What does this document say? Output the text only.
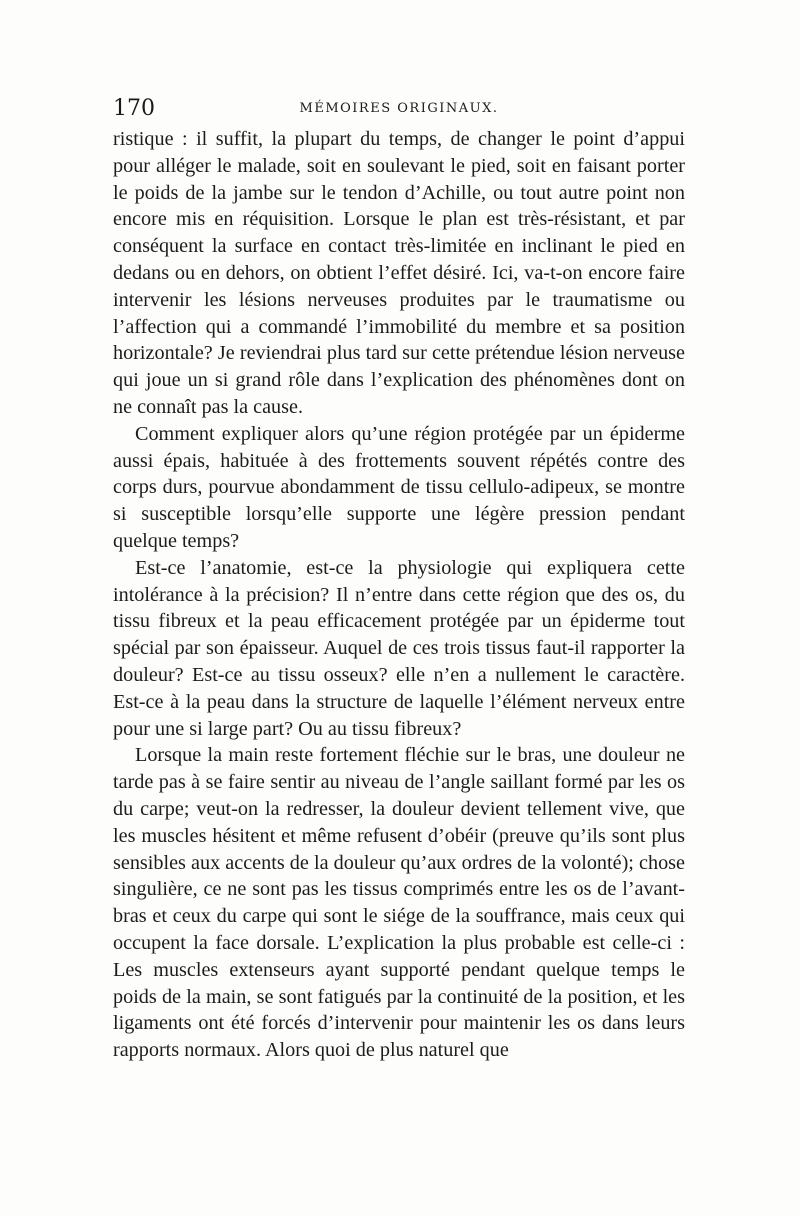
170	MÉMOIRES ORIGINAUX.

ristique : il suffit, la plupart du temps, de changer le point d’appui pour alléger le malade, soit en soulevant le pied, soit en faisant porter le poids de la jambe sur le tendon d’Achille, ou tout autre point non encore mis en réquisition. Lorsque le plan est très-résistant, et par conséquent la surface en contact très-limitée en inclinant le pied en dedans ou en dehors, on obtient l’effet désiré. Ici, va-t-on encore faire intervenir les lésions nerveuses produites par le traumatisme ou l’affection qui a commandé l’immobilité du membre et sa position horizontale? Je reviendrai plus tard sur cette prétendue lésion nerveuse qui joue un si grand rôle dans l’explication des phénomènes dont on ne connaît pas la cause.

Comment expliquer alors qu’une région protégée par un épiderme aussi épais, habituée à des frottements souvent répétés contre des corps durs, pourvue abondamment de tissu cellulo-adipeux, se montre si susceptible lorsqu’elle supporte une légère pression pendant quelque temps?

Est-ce l’anatomie, est-ce la physiologie qui expliquera cette intolérance à la précision? Il n’entre dans cette région que des os, du tissu fibreux et la peau efficacement protégée par un épiderme tout spécial par son épaisseur. Auquel de ces trois tissus faut-il rapporter la douleur? Est-ce au tissu osseux? elle n’en a nullement le caractère. Est-ce à la peau dans la structure de laquelle l’élément nerveux entre pour une si large part? Ou au tissu fibreux?

Lorsque la main reste fortement fléchie sur le bras, une douleur ne tarde pas à se faire sentir au niveau de l’angle saillant formé par les os du carpe; veut-on la redresser, la douleur devient tellement vive, que les muscles hésitent et même refusent d’obéir (preuve qu’ils sont plus sensibles aux accents de la douleur qu’aux ordres de la volonté); chose singulière, ce ne sont pas les tissus comprimés entre les os de l’avant-bras et ceux du carpe qui sont le siége de la souffrance, mais ceux qui occupent la face dorsale. L’explication la plus probable est celle-ci : Les muscles extenseurs ayant supporté pendant quelque temps le poids de la main, se sont fatigués par la continuité de la position, et les ligaments ont été forcés d’intervenir pour maintenir les os dans leurs rapports normaux. Alors quoi de plus naturel que
